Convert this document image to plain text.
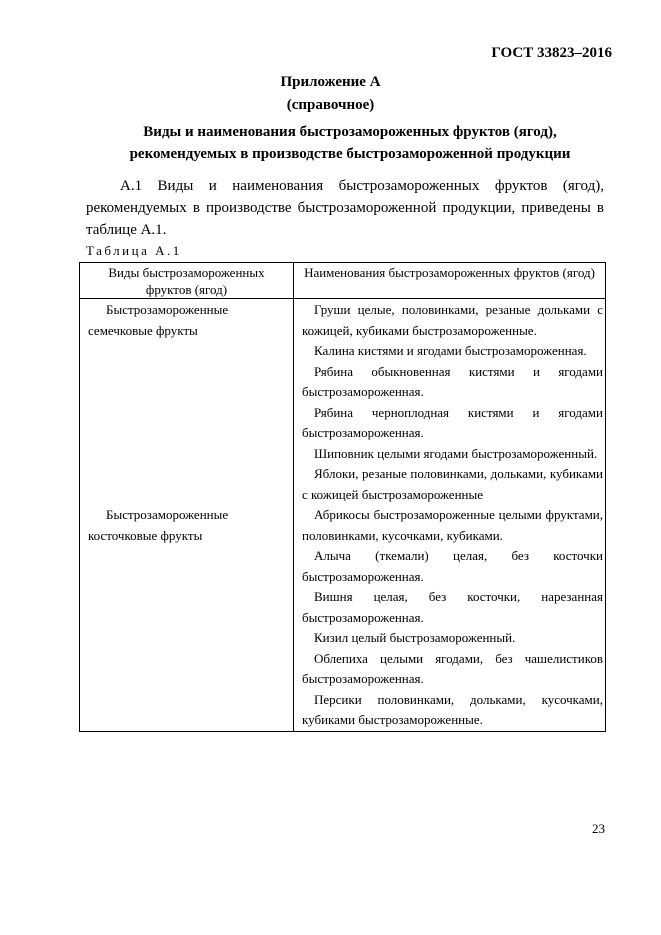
ГОСТ 33823–2016
Приложение А
(справочное)
Виды и наименования быстрозамороженных фруктов (ягод),
рекомендуемых в производстве быстрозамороженной продукции
А.1 Виды и наименования быстрозамороженных фруктов (ягод), рекомендуемых в производстве быстрозамороженной продукции, приведены в таблице А.1.
Таблица А.1
Виды быстрозамороженных фруктов (ягод)	Наименования быстрозамороженных фруктов (ягод)

Быстрозамороженные семечковые фрукты	Груши целые, половинками, резаные дольками с кожицей, кубиками быстрозамороженные.

	Калина кистями и ягодами быстрозамороженная.

	Рябина обыкновенная кистями и ягодами быстрозамороженная.

	Рябина черноплодная кистями и ягодами быстрозамороженная.

	Шиповник целыми ягодами быстрозамороженный.

	Яблоки, резаные половинками, дольками, кубиками с кожицей быстрозамороженные

Быстрозамороженные косточковые фрукты	Абрикосы быстрозамороженные целыми фруктами, половинками, кусочками, кубиками.

	Алыча (ткемали) целая, без косточки быстрозамороженная.

	Вишня целая, без косточки, нарезанная быстрозамороженная.

	Кизил целый быстрозамороженный.

	Облепиха целыми ягодами, без чашелистиков быстрозамороженная.

	Персики половинками, дольками, кусочками, кубиками быстрозамороженные.
23
